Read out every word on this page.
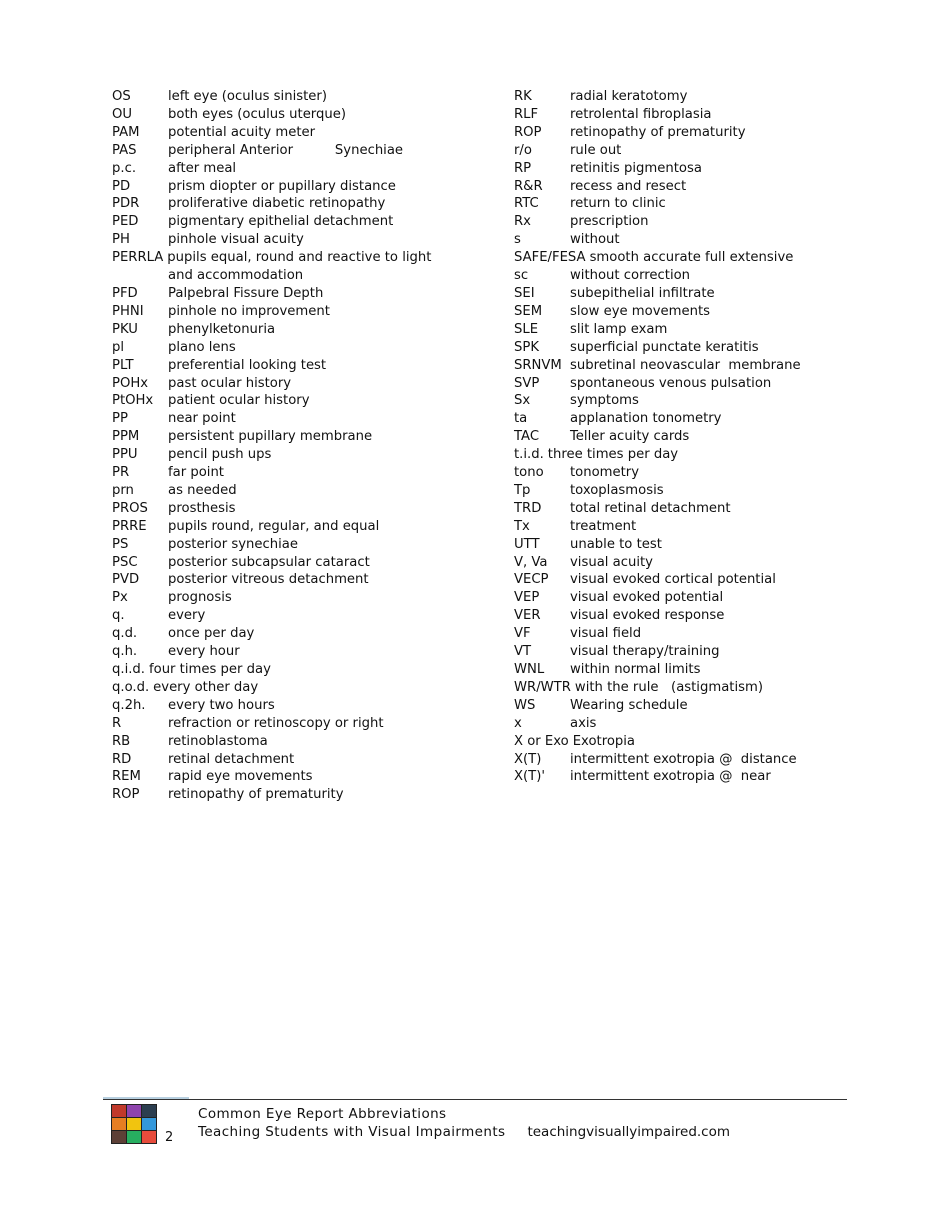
OS	left eye (oculus sinister)
OU	both eyes (oculus uterque)
PAM	potential acuity meter
PAS	peripheral Anterior          Synechiae
p.c.	after meal
PD	prism diopter or pupillary distance
PDR	proliferative diabetic retinopathy
PED	pigmentary epithelial detachment
PH	pinhole visual acuity
PERRLA pupils equal, round and reactive to light
and accommodation
PFD	Palpebral Fissure Depth
PHNI	pinhole no improvement
PKU	phenylketonuria
pl	plano lens
PLT	preferential looking test
POHx	past ocular history
PtOHx	patient ocular history
PP	near point
PPM	persistent pupillary membrane
PPU	pencil push ups
PR	far point
prn	as needed
PROS	prosthesis
PRRE	pupils round, regular, and equal
PS	posterior synechiae
PSC	posterior subcapsular cataract
PVD	posterior vitreous detachment
Px	prognosis
q.	every
q.d.	once per day
q.h.	every hour
q.i.d. four times per day
q.o.d. every other day
q.2h.	every two hours
R	refraction or retinoscopy or right
RB	retinoblastoma
RD	retinal detachment
REM	rapid eye movements
ROP	retinopathy of prematurity
RK	radial keratotomy
RLF	retrolental fibroplasia
ROP	retinopathy of prematurity
r/o	rule out
RP	retinitis pigmentosa
R&R	recess and resect
RTC	return to clinic
Rx	prescription
s	without
SAFE/FESA smooth accurate full extensive
sc	without correction
SEI	subepithelial infiltrate
SEM	slow eye movements
SLE	slit lamp exam
SPK	superficial punctate keratitis
SRNVM subretinal neovascular  membrane
SVP	spontaneous venous pulsation
Sx	symptoms
ta	applanation tonometry
TAC	Teller acuity cards
t.i.d. three times per day
tono	tonometry
Tp	toxoplasmosis
TRD	total retinal detachment
Tx	treatment
UTT	unable to test
V, Va	visual acuity
VECP	visual evoked cortical potential
VEP	visual evoked potential
VER	visual evoked response
VF	visual field
VT	visual therapy/training
WNL	within normal limits
WR/WTR with the rule   (astigmatism)
WS	Wearing schedule
x	axis
X or Exo Exotropia
X(T)	intermittent exotropia @  distance
X(T)'	intermittent exotropia @  near
2
Common Eye Report Abbreviations
Teaching Students with Visual Impairments teachingvisuallyimpaired.com
